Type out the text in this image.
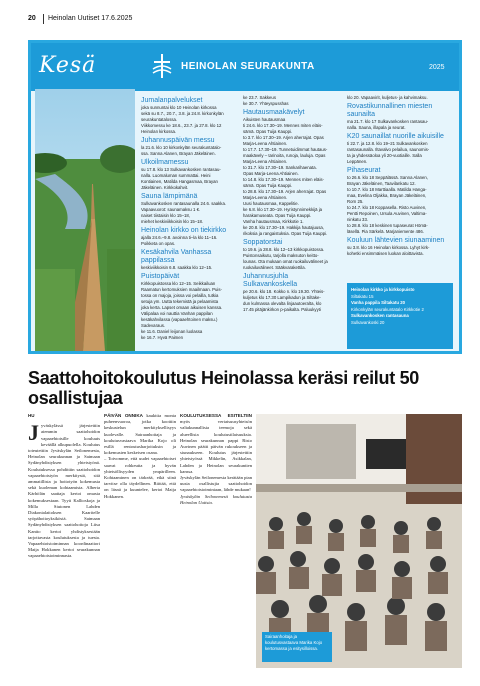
20 Heinolan Uutiset 17.6.2025
Kesä	HEINOLAN SEURAKUNTA	2025
Jumalanpalvelukset
joka sunnuntai klo 10 Heinolan kirkossa
sekä su 8.7., 20.7., 3.8. ja 24.8. kirkonkylän
seurakuntatalossa.
Viikkomessu ke 18.6., 23.7. ja 27.8. klo 12
Heinolan kirkossa.
Juhannuspäivän messu
la 21.6. klo 10 kirkonkylän seurakuntatalo-
ssa. Sanna Alanen, Brayan Jäkeläinen.
Ulkoilmamessu
su 17.8. klo 13 Sulkavankosken rantasau-
nalla. Luomaluman summattai. Heini
Kontiainen, Matilda Hangasmaa, Brayan
Jäkeläinen. Kirkkokahvit.
Sauna lämpimänä
Sulkavankosken rantasaunalla 24.6. saakka.
Vapaavuorot: saunamaksu 1 €.
naiset tiistaisin klo 15–18,
miehet keskiviikkoisin klo 15–18.
Heinolan kirkko on tiekirkko
ajalla 24.6.–9.8. avoinna ti–la klo 11–16.
Poikketa on opas.
Kesäkahvila Vanhassa pappilassa
keskiviikkoisin 6.8. saakka klo 12–15.
Puistopäivät
Kirkkopuistossa klo 12–15. Seikkailuan
Raamatun kertomuksien maailmaan. Puis-
tossa on majoja, joissa voi pelailla, tutkia
setuja ym. Uutta tekemistä ja pelaamista
joka kerta. Lapset omaan aikuisen kanssa.
Välipalaa voi nauttia Vanhan pappilan
kesäkahvilassa (vapaaehtoinen maksu.)
Sadevaraus.
ke 11.6. Daniel leijonan luolassa
ke 16.7. Hyvä Paimen
ke 23.7. Sakkeus
ke 30.7. Yhteyspusshas
Hautausmaakävelyt
Aikuisten hautausmaa
ti 24.6. klo 17.30–19. Mennes miten eläis-
sämä. Opas Tuija Kauppi.
to 3.7. klo 17.30–19. Arjen aherrajat. Opas
Marja-Leena Ahtiainen.
to 17.7. 17.30–19. Tunnetuidimmat hautaus-
maakävely – tarinoita, runoja, lauluja. Opas
Marja-Leena Ahtiainen.
to 31.7. klo 17.30–19. Sankarihaenata.
Opas Marja-Leena Ahtiainen.
to 14.8. klo 17.30–19. Mennes miten eläis-
sämä. Opas Tuija Kauppi.
to 28.8. klo 17.30–19. Arjen aherrajat. Opas
Marja-Leena Ahtiainen.
Uusi hautausmaa, Kappelitie.
ke 6.8. klo 17.30–19. Hyristynnimekkijä ja
harakamuseata. Opas Tuija Kauppi.
Vanha hautausmaa, Kirkkotie 1.
ke 20.8. klo 17.30–19. Hakkija hautajuusa,
rikoksia ja rangaistuksia. Opas Tuija Kauppi.
Soppatorstai
to 19.6. ja 28.8. klo 12–13 kirkkopuistossa.
Puistonsaikutu, tarjolla maksuton keitto-
lounas. Ota mukaan omat ruokailuvälineet ja
ruokailuvälineet. Sääkvarakettila.
Juhannusjuhla Sulkavankoskella
pe 20.6. klo 18. Kokko n. klo 19.30. Yhteis-
kuljetus klo 17.30 Lampikadun ja Siltake-
dun kulmassa olevalta linjaautoeralta, klo
17.45 pitäjänkirkon p-paikalta. Paluukyyti
klo 20. Vapaavirit, kuljetus- ja kahvimaksu.
Rovastikunnallinen miesten saunailta
ma 21.7. klo 17 Sulkavankosken rantasau-
nalla. Sauna, illapala ja seurat.
K20 saunaillat nuorille aikuisille
ti 22.7. ja 12.8. klo 19–21 Sulkavankosken
rantasaunalla. Iltavalvo pelailua, saunomis-
ta ja yhdessäoloa yli 20-vuotiaille. Salla
Leppänen.
Pihaseurat
to 26.6. klo 18 Seppälässä. Sanna Alanen,
Brayan Jäkeläinen, Taavilankatu 12.
to 10.7. klo 18 Marttiaalla. Matilda Hanga-
maa, Evelina Oljakka, Brayan Jäkeläinen,
Rorn 25.
to 24.7. klo 18 Koppasella. Risto Auvinen,
Pentti Repoinen, Ursula Auvinen, Valtima-
ninkatu 33.
to 28.8. klo 18 keskinen tupaseurat Hömä-
läsellä. Pia Särkelä. Marjaniemente 486.
Kouluun lähtevien siunaaminen
su 3.8. klo 16 Heinolan kirkossa. Lyhyt kirk-
kohetki ensimmäisen luokan aloittavista.
Heinolan kirkko ja kirkkopuisto
Siltakatu 15
Vanha pappila Siltakatu 20
Kirkonkylän seurakuntatalo Kirkkotie 2
Sulkavankosken rantasauna
Sulkavankoski 20
Saattohoitokoulutus Heinolassa keräsi reilut 50 osallistujaa
HU
J yväskylässä järjestettiin aiemmin saattohoidon vapaaehtoisille kouluuts keväällä alkupuolella. Koulutus toteutettiin Jyväskylän Seilonemesta, Heinolan seurakunnan ja Saimaan Sydänyhdistyksen yhteistyönä. Koulutuksessa pohdittiin saattohoidon vapaaehtoistyön merkitystä, sitä ammatillista ja hoitotyön kokemusta sekä kuoleman kohtaamista. Alberta Kärhölän saattaja kertoi omasta kokemuksestaan. Tyyti Kallioskoja ja Milla Siutonen Lahden Diakonialaitoksen Kaaritelle syöpähoitoyksiköstä. Saimaan Sydänyhdistyksen saattohoitoja Liisa Kantto kertoi yhdistyksestään tarjottavasta koulutuksesta ja tuesta. Vapaaehtoistoiminnan koordinaattori Maija Hokkanen kertoi seurakunnan vapaaehtoistoiminnasta.
PÄIVÄN ONNIKA kaukttia monta puheenvuoroa, jotka koottiin keskustelun merkityksellisyys kuolevalle. Sairaanhoitaja ja koulutusvastaava Marika Kojo oli esillä rentoutusharjoituksin ja kokemusten keskeisen osana.
– Toivomme, että uudet vapaaehtoiset saavat rohkeutta ja hyvän yhteisöllisyyden ympärilleen. Kohtaaminen on tärkeää, eikä siinä tarvitse olla täydellinen. Riittää, että on läsnä ja kuuntelee, kertoi Maija Hokkanen.
KOULUTUKSESSA ESITELTIIN myös vertaisuusyhteisön valtakunnallisia teemoja sekä alueellisia koulutustilaisuuksia. Heinolan seurakunnan pappi Risto Auvinen päätti päivän rukoukseen ja siunaukseen. Koulutus järjestettiin yhteistyössä Mikkelin, Asikkalan, Lahden ja Heinolan seurakuntien kanssa.
Jyväskylän Seilonemesta kerätään pian uusia osallistujia saattohoidon vapaaehtoistoimintaan, lähde mukaan!
Jyväskylän Seilonemesti koulutusta Heinolan Uutisia.
Sairaanhoitaja ja koulutusvastaava Marika Kojo kertomassa ja esitysilloissa.
